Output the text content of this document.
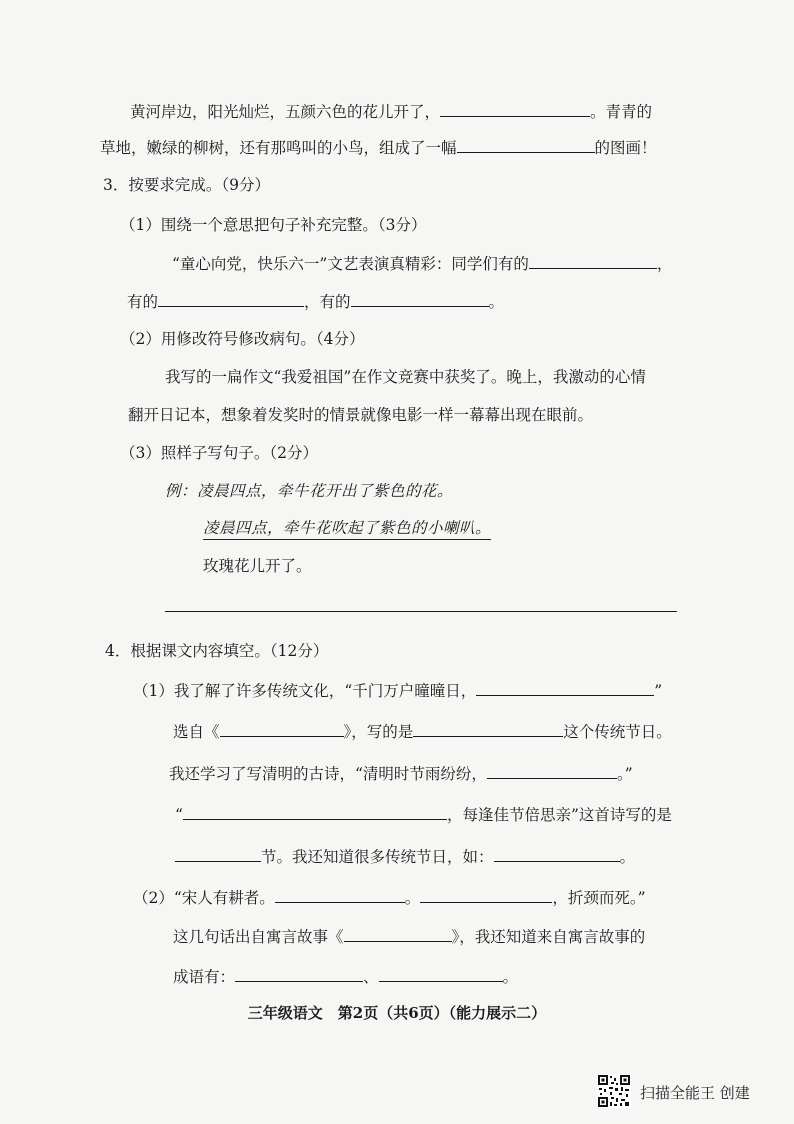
黄河岸边，阳光灿烂，五颜六色的花儿开了，	。青青的
草地，嫩绿的柳树，还有那鸣叫的小鸟，组成了一幅	的图画！
3．按要求完成。（9分）
（1）围绕一个意思把句子补充完整。（3分）
“童心向党，快乐六一”文艺表演真精彩：同学们有的	，
有的	，有的	。
（2）用修改符号修改病句。（4分）
我写的一扁作文“我爱祖国”在作文竞赛中获奖了。晚上，我激动的心情
翻开日记本，想象着发奖时的情景就像电影一样一幕幕出现在眼前。
（3）照样子写句子。（2分）
例：凌晨四点，牵牛花开出了紫色的花。
凌晨四点，牵牛花吹起了紫色的小喇叭。
玫瑰花儿开了。
4．根据课文内容填空。（12分）
（1）我了解了许多传统文化，“千门万户曈曈日，	”
选自《	》，写的是	这个传统节日。
我还学习了写清明的古诗，“清明时节雨纷纷，	。”
“	，每逢佳节倍思亲”这首诗写的是
节。我还知道很多传统节日，如：	。
（2）“宋人有耕者。	。	，折颈而死。”
这几句话出自寓言故事《	》，我还知道来自寓言故事的
成语有：	、	。
三年级语文　第2页（共6页）（能力展示二）
扫描全能王 创建
